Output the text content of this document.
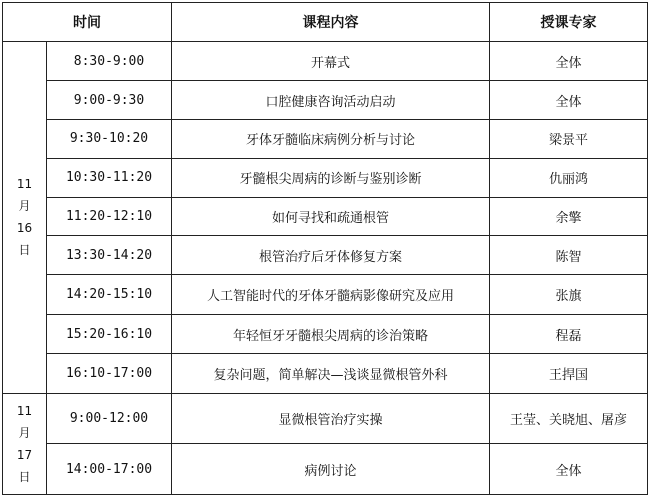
时间		课程内容	授课专家

11
月
16
日	8:30-9:00	开幕式	全体
	9:00-9:30	口腔健康咨询活动启动	全体
	9:30-10:20	牙体牙髓临床病例分析与讨论	梁景平
	10:30-11:20	牙髓根尖周病的诊断与鉴别诊断	仇丽鸿
	11:20-12:10	如何寻找和疏通根管	余擎
	13:30-14:20	根管治疗后牙体修复方案	陈智
	14:20-15:10	人工智能时代的牙体牙髓病影像研究及应用	张旗
	15:20-16:10	年轻恒牙牙髓根尖周病的诊治策略	程磊
	16:10-17:00	复杂问题，简单解决—浅谈显微根管外科	王捍国

11
月
17
日	9:00-12:00	显微根管治疗实操	王莹、关晓旭、屠彦
	14:00-17:00	病例讨论	全体
